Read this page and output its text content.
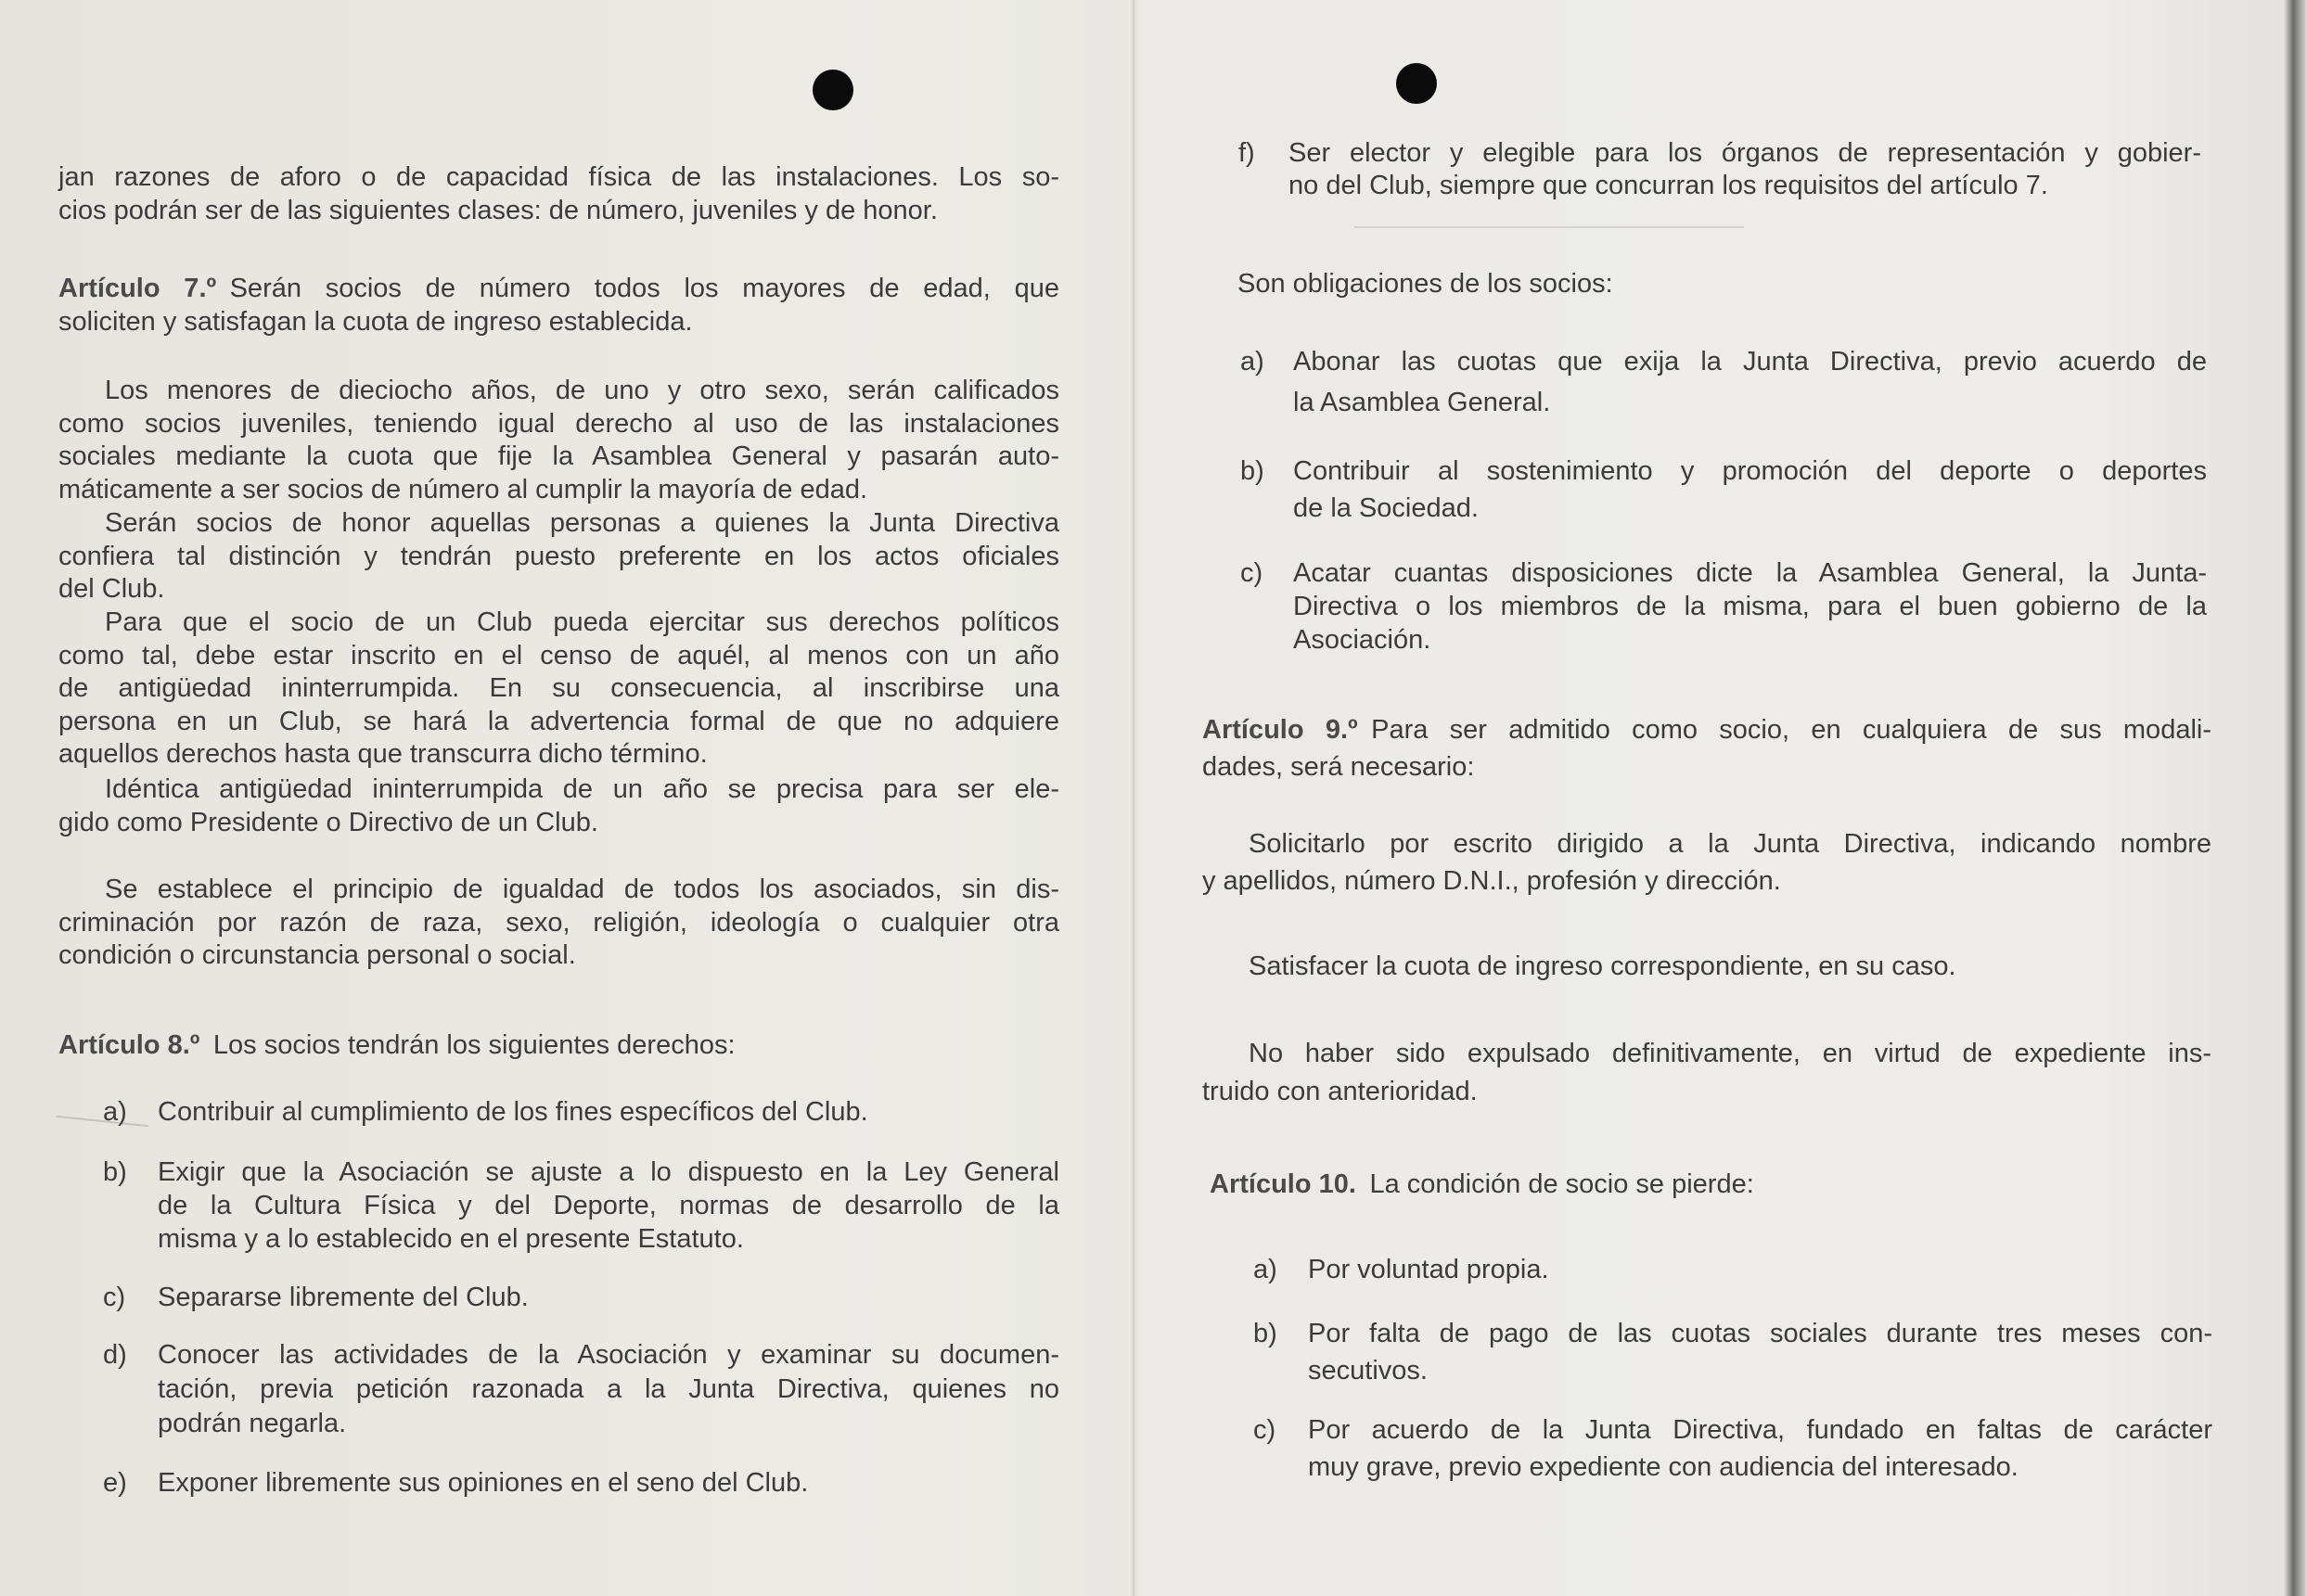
jan razones de aforo o de capacidad física de las instalaciones. Los so-
cios podrán ser de las siguientes clases: de número, juveniles y de honor.
Artículo 7.º  Serán socios de número todos los mayores de edad, que
soliciten y satisfagan la cuota de ingreso establecida.
Los menores de dieciocho años, de uno y otro sexo, serán calificados
como socios juveniles, teniendo igual derecho al uso de las instalaciones
sociales mediante la cuota que fije la Asamblea General y pasarán auto-
máticamente a ser socios de número al cumplir la mayoría de edad.
Serán socios de honor aquellas personas a quienes la Junta Directiva
confiera tal distinción y tendrán puesto preferente en los actos oficiales
del Club.
Para que el socio de un Club pueda ejercitar sus derechos políticos
como tal, debe estar inscrito en el censo de aquél, al menos con un año
de antigüedad ininterrumpida. En su consecuencia, al inscribirse una
persona en un Club, se hará la advertencia formal de que no adquiere
aquellos derechos hasta que transcurra dicho término.
Idéntica antigüedad ininterrumpida de un año se precisa para ser ele-
gido como Presidente o Directivo de un Club.
Se establece el principio de igualdad de todos los asociados, sin dis-
criminación por razón de raza, sexo, religión, ideología o cualquier otra
condición o circunstancia personal o social.
Artículo 8.º  Los socios tendrán los siguientes derechos:
a) Contribuir al cumplimiento de los fines específicos del Club.
b) Exigir que la Asociación se ajuste a lo dispuesto en la Ley General
de la Cultura Física y del Deporte, normas de desarrollo de la
misma y a lo establecido en el presente Estatuto.
c) Separarse libremente del Club.
d) Conocer las actividades de la Asociación y examinar su documen-
tación, previa petición razonada a la Junta Directiva, quienes no
podrán negarla.
e) Exponer libremente sus opiniones en el seno del Club.
f) Ser elector y elegible para los órganos de representación y gobier-
no del Club, siempre que concurran los requisitos del artículo 7.
Son obligaciones de los socios:
a) Abonar las cuotas que exija la Junta Directiva, previo acuerdo de
la Asamblea General.
b) Contribuir al sostenimiento y promoción del deporte o deportes
de la Sociedad.
c) Acatar cuantas disposiciones dicte la Asamblea General, la Junta-
Directiva o los miembros de la misma, para el buen gobierno de la
Asociación.
Artículo 9.º  Para ser admitido como socio, en cualquiera de sus modali-
dades, será necesario:
Solicitarlo por escrito dirigido a la Junta Directiva, indicando nombre
y apellidos, número D.N.I., profesión y dirección.
Satisfacer la cuota de ingreso correspondiente, en su caso.
No haber sido expulsado definitivamente, en virtud de expediente ins-
truido con anterioridad.
Artículo 10.  La condición de socio se pierde:
a) Por voluntad propia.
b) Por falta de pago de las cuotas sociales durante tres meses con-
secutivos.
c) Por acuerdo de la Junta Directiva, fundado en faltas de carácter
muy grave, previo expediente con audiencia del interesado.
